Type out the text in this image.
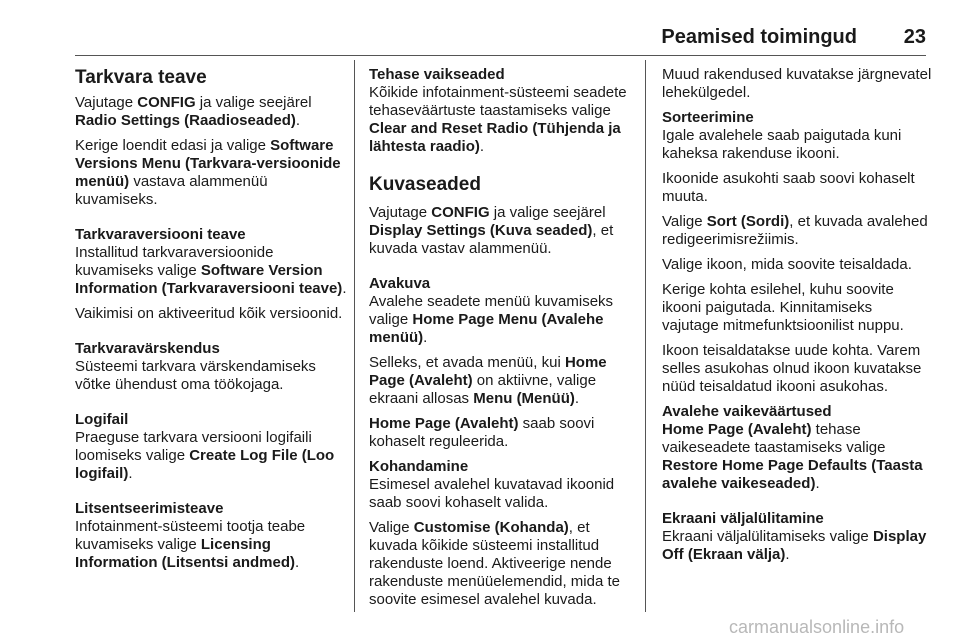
Peamised toimingud	23
Tarkvara teave

Vajutage CONFIG ja valige seejärel Radio Settings (Raadioseaded).

Kerige loendit edasi ja valige Software Versions Menu (Tarkvara-versioonide menüü) vastava alammenüü kuvamiseks.

Tarkvaraversiooni teave

Installitud tarkvaraversioonide kuvamiseks valige Software Version Information (Tarkvaraversiooni teave).

Vaikimisi on aktiveeritud kõik versioonid.

Tarkvaravärskendus

Süsteemi tarkvara värskendamiseks võtke ühendust oma töökojaga.

Logifail

Praeguse tarkvara versiooni logifaili loomiseks valige Create Log File (Loo logifail).

Litsentseerimisteave

Infotainment-süsteemi tootja teabe kuvamiseks valige Licensing Information (Litsentsi andmed).

Tehase vaikseaded

Kõikide infotainment-süsteemi seadete tehaseväärtuste taastamiseks valige Clear and Reset Radio (Tühjenda ja lähtesta raadio).

Kuvaseaded

Vajutage CONFIG ja valige seejärel Display Settings (Kuva seaded), et kuvada vastav alammenüü.

Avakuva

Avalehe seadete menüü kuvamiseks valige Home Page Menu (Avalehe menüü).

Selleks, et avada menüü, kui Home Page (Avaleht) on aktiivne, valige ekraani allosas Menu (Menüü).

Home Page (Avaleht) saab soovi kohaselt reguleerida.

Kohandamine

Esimesel avalehel kuvatavad ikoonid saab soovi kohaselt valida.

Valige Customise (Kohanda), et kuvada kõikide süsteemi installitud rakenduste loend. Aktiveerige nende rakenduste menüüelemendid, mida te soovite esimesel avalehel kuvada.

Muud rakendused kuvatakse järgnevatel lehekülgedel.

Sorteerimine

Igale avalehele saab paigutada kuni kaheksa rakenduse ikooni.

Ikoonide asukohti saab soovi kohaselt muuta.

Valige Sort (Sordi), et kuvada avalehed redigeerimisrežiimis.

Valige ikoon, mida soovite teisaldada.

Kerige kohta esilehel, kuhu soovite ikooni paigutada. Kinnitamiseks vajutage mitmefunktsioonilist nuppu.

Ikoon teisaldatakse uude kohta. Varem selles asukohas olnud ikoon kuvatakse nüüd teisaldatud ikooni asukohas.

Avalehe vaikeväärtused

Home Page (Avaleht) tehase vaikeseadete taastamiseks valige Restore Home Page Defaults (Taasta avalehe vaikeseaded).

Ekraani väljalülitamine

Ekraani väljalülitamiseks valige Display Off (Ekraan välja).

carmanualsonline.info
